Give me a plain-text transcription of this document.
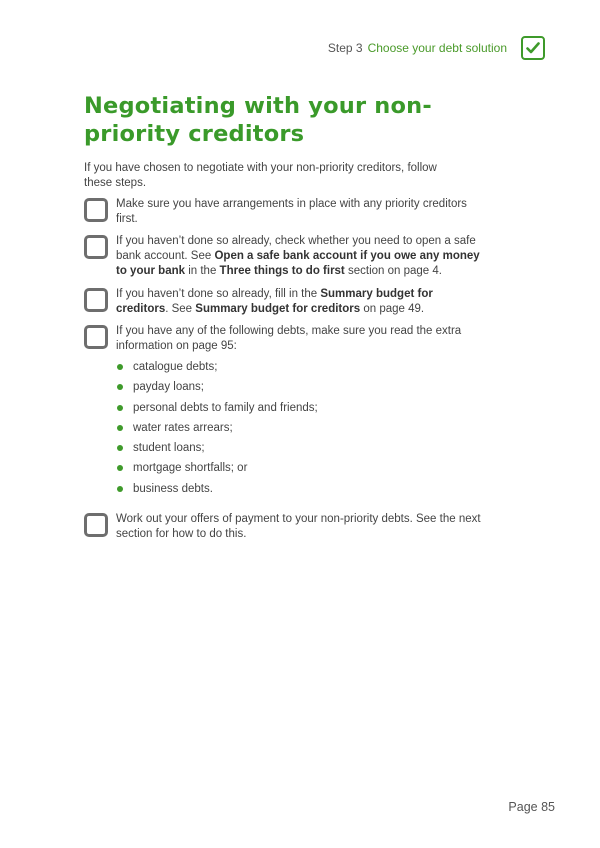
Step 3 Choose your debt solution
Negotiating with your non-priority creditors

If you have chosen to negotiate with your non-priority creditors, follow these steps.

Make sure you have arrangements in place with any priority creditors first.

If you haven’t done so already, check whether you need to open a safe bank account. See Open a safe bank account if you owe any money to your bank in the Three things to do first section on page 4.

If you haven’t done so already, fill in the Summary budget for creditors. See Summary budget for creditors on page 49.

If you have any of the following debts, make sure you read the extra information on page 95:

catalogue debts;
payday loans;
personal debts to family and friends;
water rates arrears;
student loans;
mortgage shortfalls; or
business debts.

Work out your offers of payment to your non-priority debts. See the next section for how to do this.

Page 85
